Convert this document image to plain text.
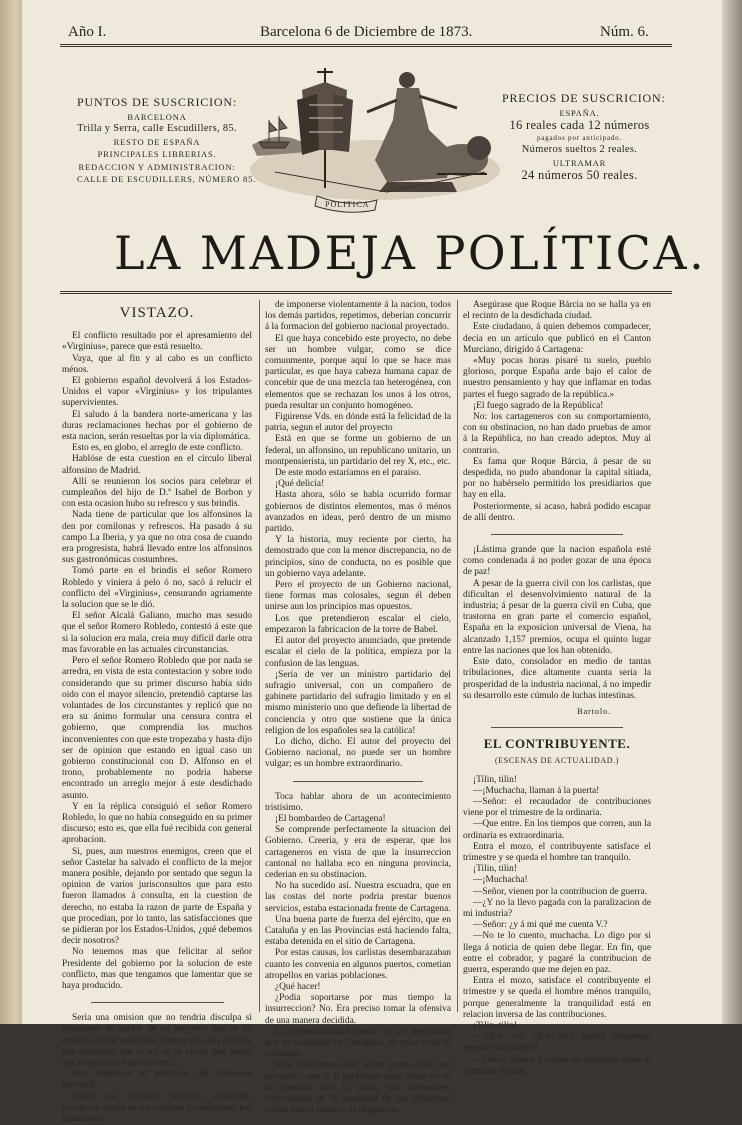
Año I.	Barcelona 6 de Diciembre de 1873.	Núm. 6.
PUNTOS DE SUSCRICION:
BARCELONA
Trilla y Serra, calle Escudillers, 85.
RESTO DE ESPAÑA
PRINCIPALES LIBRERIAS.
REDACCION Y ADMINISTRACION:
CALLE DE ESCUDILLERS, NÚMERO 85.
POLITICA
PRECIOS DE SUSCRICION:
ESPAÑA.
16 reales cada 12 números
pagados por anticipado.
Números sueltos 2 reales.
ULTRAMAR
24 números 50 reales.
LA MADEJA POLÍTICA.

VISTAZO.

El conflicto resultado por el apresamiento del «Virginius», parece que está resuelto.

Vaya, que al fin y al cabo es un conflicto ménos.

El gobierno español devolverá á los Estados-Unidos el vapor «Virginius» y los tripulantes supervivientes.

El saludo á la bandera norte-americana y las duras reclamaciones hechas por el gobierno de esta nacion, serán resueltas por la via diplomática.

Esto es, en globo, el arreglo de este conflicto.

Hablóse de esta cuestion en el círculo liberal alfonsino de Madrid.

Allí se reunieron los socios para celebrar el cumpleaños del hijo de D.ª Isabel de Borbon y con esta ocasion hubo su refresco y sus brindis.

Nada tiene de particular que los alfonsinos la den por comilonas y refrescos. Ha pasado á su campo La Iberia, y ya que no otra cosa de cuando era progresista, habrá llevado entre los alfonsinos sus gastronómicas costumbres.

Tomó parte en el brindis el señor Romero Robledo y viniera á pelo ó no, sacó á relucir el conflicto del «Virginius», censurando agriamente la solucion que se le dió.

El señor Alcalá Galiano, mucho mas sesudo que el señor Romero Robledo, contestó á este que si la solucion era mala, creia muy difícil darle otra mas favorable en las actuales circunstancias.

Pero el señor Romero Robledo que por nada se arredra, en vista de esta contestacion y sobre todo considerando que su primer discurso había sido oido con el mayor silencio, pretendió captarse las voluntades de los circunstantes y replicó que no era su ánimo formular una censura contra el gobierno, que comprendía los muchos inconvenientes con que este tropezaba y hasta dijo ser de opinion que estando en igual caso un gobierno constitucional con D. Alfonso en el trono, probablemente no podria haberse encontrado un arreglo mejor á este desdichado asunto.

Y en la réplica consiguió el señor Romero Robledo, lo que no había conseguido en su primer discurso; esto es, que ella fué recibida con general aprobacion.

Si, pues, aun nuestros enemigos, creen que el señor Castelar ha salvado el conflicto de la mejor manera posible, dejando por sentado que segun la opinion de varios jurisconsultos que para esto fueron llamados á consulta, en la cuestion de derecho, no estaba la razon de parte de España y que procedian, por lo tanto, las satisfacciones que se pidieran por los Estados-Unidos, ¿qué debemos decir nosotros?

No tenemos mas que felicitar al señor Presidente del gobierno por la solucion de este conflicto, mas que tengamos que lamentar que se haya producido.

Seria una omision que no tendria disculpa si dejáramos de hablar de un proyecto que se ha echado á volar estos dias, aunque con alas de cera, que derretidas por el sol de la razon, han hecho que el proyecto viniera abajo.

Nos referimos al proyecto del Gobierno nacional.

Todos los partidos políticos españoles, excepcion hecha de los carlistas y cantonales, por tratar estos

de imponerse violentamente á la nacion, todos los demás partidos, repetimos, deberian concurrir á la formacion del gobierno nacional proyectado.

El que haya concebido este proyecto, no debe ser un hombre vulgar, como se dice comunmente, porque aquí lo que se hace mas particular, es que haya cabeza humana capaz de concebir que de una mezcla tan heterogénea, con elementos que se rechazan los unos á los otros, pueda resultar un conjunto homogéneo.

Figúrense Vds. en dónde está la felicidad de la patria, segun el autor del proyecto

Está en que se forme un gobierno de un federal, un alfonsino, un republicano unitario, un montpensierista, un partidario del rey X, etc., etc.

De este modo estaríamos en el paraíso.

¡Qué delicia!

Hasta ahora, sólo se había ocurrido formar gobiernos de distintos elementos, mas ó ménos avanzados en ideas, peró dentro de un mismo partido.

Y la historia, muy reciente por cierto, ha demostrado que con la menor discrepancia, no de principios, sino de conducta, no es posible que un gobierno vaya adelante.

Pero el proyecto de un Gobierno nacional, tiene formas mas colosales, segun él deben unirse aun los principios mas opuestos.

Los que pretendieron escalar el cielo, empezaron la fabricacion de la torre de Babel.

El autor del proyecto anunciado, que pretende escalar el cielo de la política, empieza por la confusion de las lenguas.

¡Seria de ver un ministro partidario del sufragio universal, con un compañero de gabinete partidario del sufragio limitado y en el mismo ministerio uno que defiende la libertad de conciencia y otro que sostiene que la única religion de los españoles sea la católica!

Lo dicho, dicho. El autor del proyecto del Gobierno nacional, no puede ser un hombre vulgar; es un hombre extraordinario.

Toca hablar ahora de un acontecimiento tristísimo.

¡El bombardeo de Cartagena!

Se comprende perfectamente la situacion del Gobierno. Creeria, y era de esperar, que los cartageneros en vista de que la insurreccion cantonal no hallaba eco en ninguna provincia, cederian en su obstinacion.

No ha sucedido así. Nuestra escuadra, que en las costas del norte podria prestar buenos servicios, estaba estacionada frente de Cartagena.

Una buena parte de fuerza del ejército, que en Cataluña y en las Provincias está haciendo falta, estaba detenida en el sitio de Cartagena.

Por estas causas, los carlistas desembarazaban cuanto les convenia en algunos puertos, cometian atropellos en varias poblaciones.

¿Qué hacer!

¿Podia soportarse por mas tiempo la insurreccion? No. Era preciso tomar la ofensiva de una manera decidida.

La responsabilidad moral de las desgracias que se ocasionen en Cartagena, no pesa sobre el Gobierno.

Solo añadiremos que acabe pronto este mal necesario; que si al publicarse estas líneas no se ha rendido aun la plaza, sus defensores, convencidos de la inutilidad de sus esfuerzos, eviten mayor número de desgracias.

Asegúrase que Roque Bárcia no se halla ya en el recinto de la desdichada ciudad.

Este ciudadano, á quien debemos compadecer, decia en un artículo que publicó en el Canton Murciano, dirigido á Cartagena:

«Muy pocas horas pisaré tu suelo, pueblo glorioso, porque España arde bajo el calor de nuestro pensamiento y hay que inflamar en todas partes el fuego sagrado de la república.»

¡El fuego sagrado de la República!

No: los cartageneros con su comportamiento, con su obstinacion, no han dado pruebas de amor á la República, no han creado adeptos. Muy al contrario.

Es fama que Roque Bárcia, á pesar de su despedida, no pudo abandonar la capital sitiada, por no habérselo permitido los presidiarios que hay en ella.

Posteriormente, si acaso, habrá podido escapar de allí dentro.

¡Lástima grande que la nacion española esté como condenada á no poder gozar de una época de paz!

A pesar de la guerra civil con los carlistas, que dificultan el desenvolvimiento natural de la industria; á pesar de la guerra civil en Cuba, que trastorna en gran parte el comercio español, España en la exposicion universal de Viena, ha alcanzado 1,157 premios, ocupa el quinto lugar entre las naciones que los han obtenido.

Este dato, consolador en medio de tantas tribulaciones, dice altamente cuanta seria la prosperidad de la industria nacional, á no impedir su desarrollo este cúmulo de luchas intestinas.

Bartolo.

EL CONTRIBUYENTE.

(ESCENAS DE ACTUALIDAD.)

¡Tilin, tilin!

—¡Muchacha, llaman á la puerta!

—Señor: el recaudador de contribuciones viene por el trimestre de la ordinaria.

—Que entre. En los tiempos que corren, aun la ordinaria es extraordinaria.

Entra el mozo, el contribuyente satisface el trimestre y se queda el hombre tan tranquilo.

¡Tilin, tilin!

—¡Muchacha!

—Señor, vienen por la contribucion de guerra.

—¿Y no la llevo pagada con la paralizacion de mi industria?

—Señor: ¿y á mi qué me cuenta V.?

—No te lo cuento, muchacha. Lo digo por si llega á noticia de quien debe llegar. En fin, que entre el cobrador, y pagaré la contribucion de guerra, esperando que me dejen en paz.

Entra el mozo, satisface el contribuyente el trimestre y se queda el hombre ménos tranquilo, porque generalmente la tranquilidad está en relacion inversa de las contribuciones.

¡Tilin, tilin!

—¡Otra vez! ¡Por esta puerta solamente necesito un portero!

—Señor: vienen á cobrar un impuesto sobre el consumo del gas.
